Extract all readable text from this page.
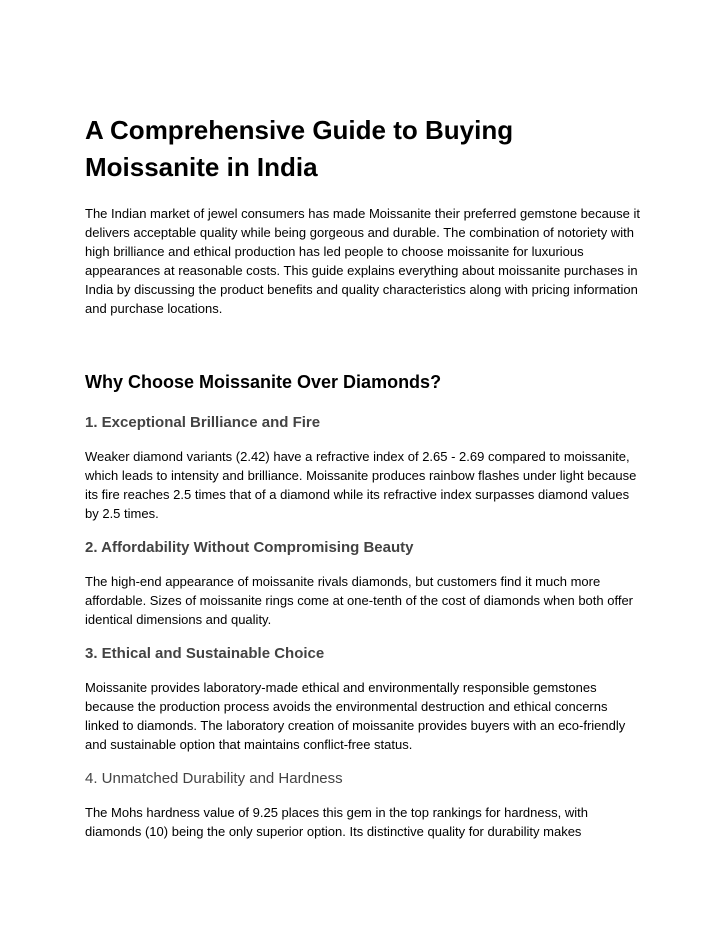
A Comprehensive Guide to Buying Moissanite in India

The Indian market of jewel consumers has made Moissanite their preferred gemstone because it delivers acceptable quality while being gorgeous and durable. The combination of notoriety with high brilliance and ethical production has led people to choose moissanite for luxurious appearances at reasonable costs. This guide explains everything about moissanite purchases in India by discussing the product benefits and quality characteristics along with pricing information and purchase locations.

Why Choose Moissanite Over Diamonds?
1. Exceptional Brilliance and Fire

Weaker diamond variants (2.42) have a refractive index of 2.65 - 2.69 compared to moissanite, which leads to intensity and brilliance. Moissanite produces rainbow flashes under light because its fire reaches 2.5 times that of a diamond while its refractive index surpasses diamond values by 2.5 times.

2. Affordability Without Compromising Beauty

The high-end appearance of moissanite rivals diamonds, but customers find it much more affordable. Sizes of moissanite rings come at one-tenth of the cost of diamonds when both offer identical dimensions and quality.

3. Ethical and Sustainable Choice

Moissanite provides laboratory-made ethical and environmentally responsible gemstones because the production process avoids the environmental destruction and ethical concerns linked to diamonds. The laboratory creation of moissanite provides buyers with an eco-friendly and sustainable option that maintains conflict-free status.

4. Unmatched Durability and Hardness

The Mohs hardness value of 9.25 places this gem in the top rankings for hardness, with diamonds (10) being the only superior option. Its distinctive quality for durability makes
